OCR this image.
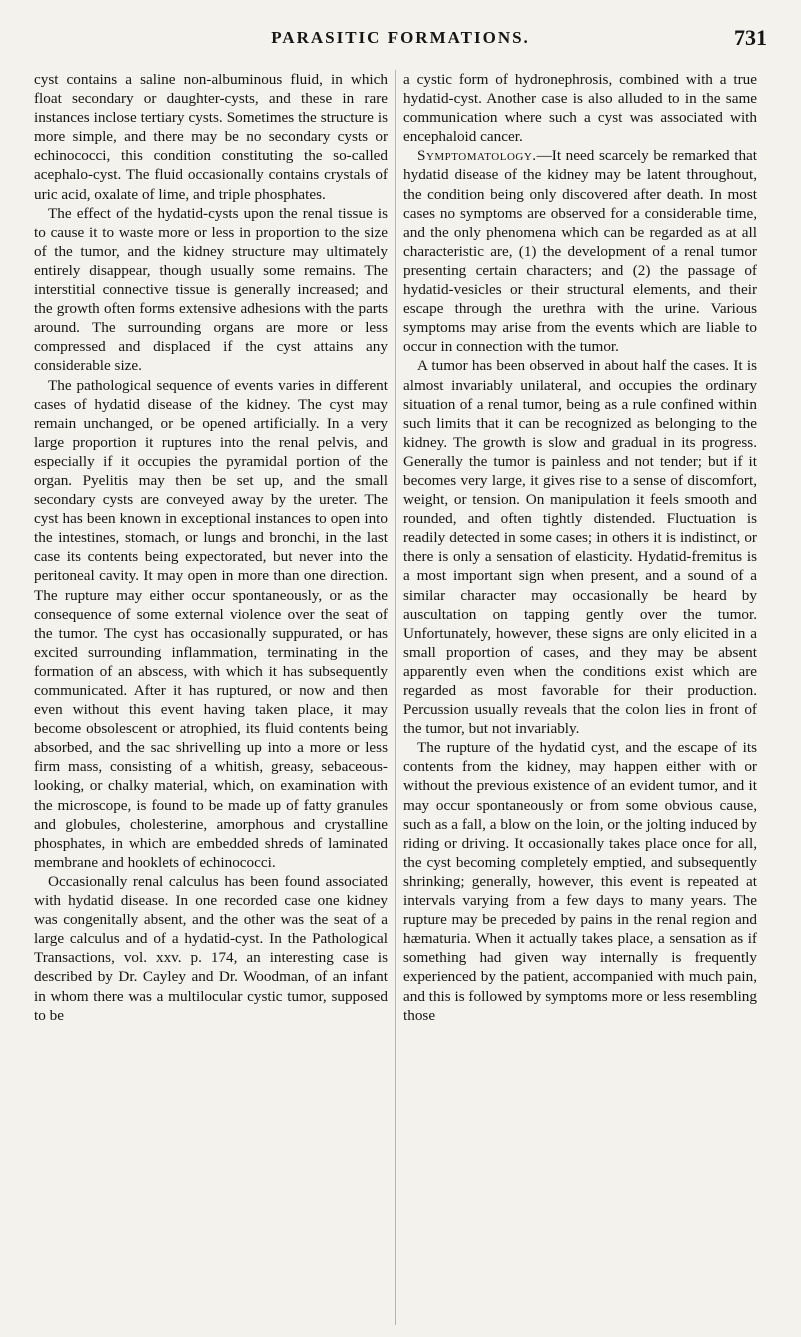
PARASITIC FORMATIONS.	731

cyst contains a saline non-albuminous fluid, in which float secondary or daughter-cysts, and these in rare instances inclose tertiary cysts. Sometimes the structure is more simple, and there may be no secondary cysts or echinococci, this condition constituting the so-called acephalo-cyst. The fluid occasionally contains crystals of uric acid, oxalate of lime, and triple phosphates.

The effect of the hydatid-cysts upon the renal tissue is to cause it to waste more or less in proportion to the size of the tumor, and the kidney structure may ultimately entirely disappear, though usually some remains. The interstitial connective tissue is generally increased; and the growth often forms extensive adhesions with the parts around. The surrounding organs are more or less compressed and displaced if the cyst attains any considerable size.

The pathological sequence of events varies in different cases of hydatid disease of the kidney. The cyst may remain unchanged, or be opened artificially. In a very large proportion it ruptures into the renal pelvis, and especially if it occupies the pyramidal portion of the organ. Pyelitis may then be set up, and the small secondary cysts are conveyed away by the ureter. The cyst has been known in exceptional instances to open into the intestines, stomach, or lungs and bronchi, in the last case its contents being expectorated, but never into the peritoneal cavity. It may open in more than one direction. The rupture may either occur spontaneously, or as the consequence of some external violence over the seat of the tumor. The cyst has occasionally suppurated, or has excited surrounding inflammation, terminating in the formation of an abscess, with which it has subsequently communicated. After it has ruptured, or now and then even without this event having taken place, it may become obsolescent or atrophied, its fluid contents being absorbed, and the sac shrivelling up into a more or less firm mass, consisting of a whitish, greasy, sebaceous-looking, or chalky material, which, on examination with the microscope, is found to be made up of fatty granules and globules, cholesterine, amorphous and crystalline phosphates, in which are embedded shreds of laminated membrane and hooklets of echinococci.

Occasionally renal calculus has been found associated with hydatid disease. In one recorded case one kidney was congenitally absent, and the other was the seat of a large calculus and of a hydatid-cyst. In the Pathological Transactions, vol. xxv. p. 174, an interesting case is described by Dr. Cayley and Dr. Woodman, of an infant in whom there was a multilocular cystic tumor, supposed to be

a cystic form of hydronephrosis, combined with a true hydatid-cyst. Another case is also alluded to in the same communication where such a cyst was associated with encephaloid cancer.

Symptomatology.—It need scarcely be remarked that hydatid disease of the kidney may be latent throughout, the condition being only discovered after death. In most cases no symptoms are observed for a considerable time, and the only phenomena which can be regarded as at all characteristic are, (1) the development of a renal tumor presenting certain characters; and (2) the passage of hydatid-vesicles or their structural elements, and their escape through the urethra with the urine. Various symptoms may arise from the events which are liable to occur in connection with the tumor.

A tumor has been observed in about half the cases. It is almost invariably unilateral, and occupies the ordinary situation of a renal tumor, being as a rule confined within such limits that it can be recognized as belonging to the kidney. The growth is slow and gradual in its progress. Generally the tumor is painless and not tender; but if it becomes very large, it gives rise to a sense of discomfort, weight, or tension. On manipulation it feels smooth and rounded, and often tightly distended. Fluctuation is readily detected in some cases; in others it is indistinct, or there is only a sensation of elasticity. Hydatid-fremitus is a most important sign when present, and a sound of a similar character may occasionally be heard by auscultation on tapping gently over the tumor. Unfortunately, however, these signs are only elicited in a small proportion of cases, and they may be absent apparently even when the conditions exist which are regarded as most favorable for their production. Percussion usually reveals that the colon lies in front of the tumor, but not invariably.

The rupture of the hydatid cyst, and the escape of its contents from the kidney, may happen either with or without the previous existence of an evident tumor, and it may occur spontaneously or from some obvious cause, such as a fall, a blow on the loin, or the jolting induced by riding or driving. It occasionally takes place once for all, the cyst becoming completely emptied, and subsequently shrinking; generally, however, this event is repeated at intervals varying from a few days to many years. The rupture may be preceded by pains in the renal region and hæmaturia. When it actually takes place, a sensation as if something had given way internally is frequently experienced by the patient, accompanied with much pain, and this is followed by symptoms more or less resembling those
